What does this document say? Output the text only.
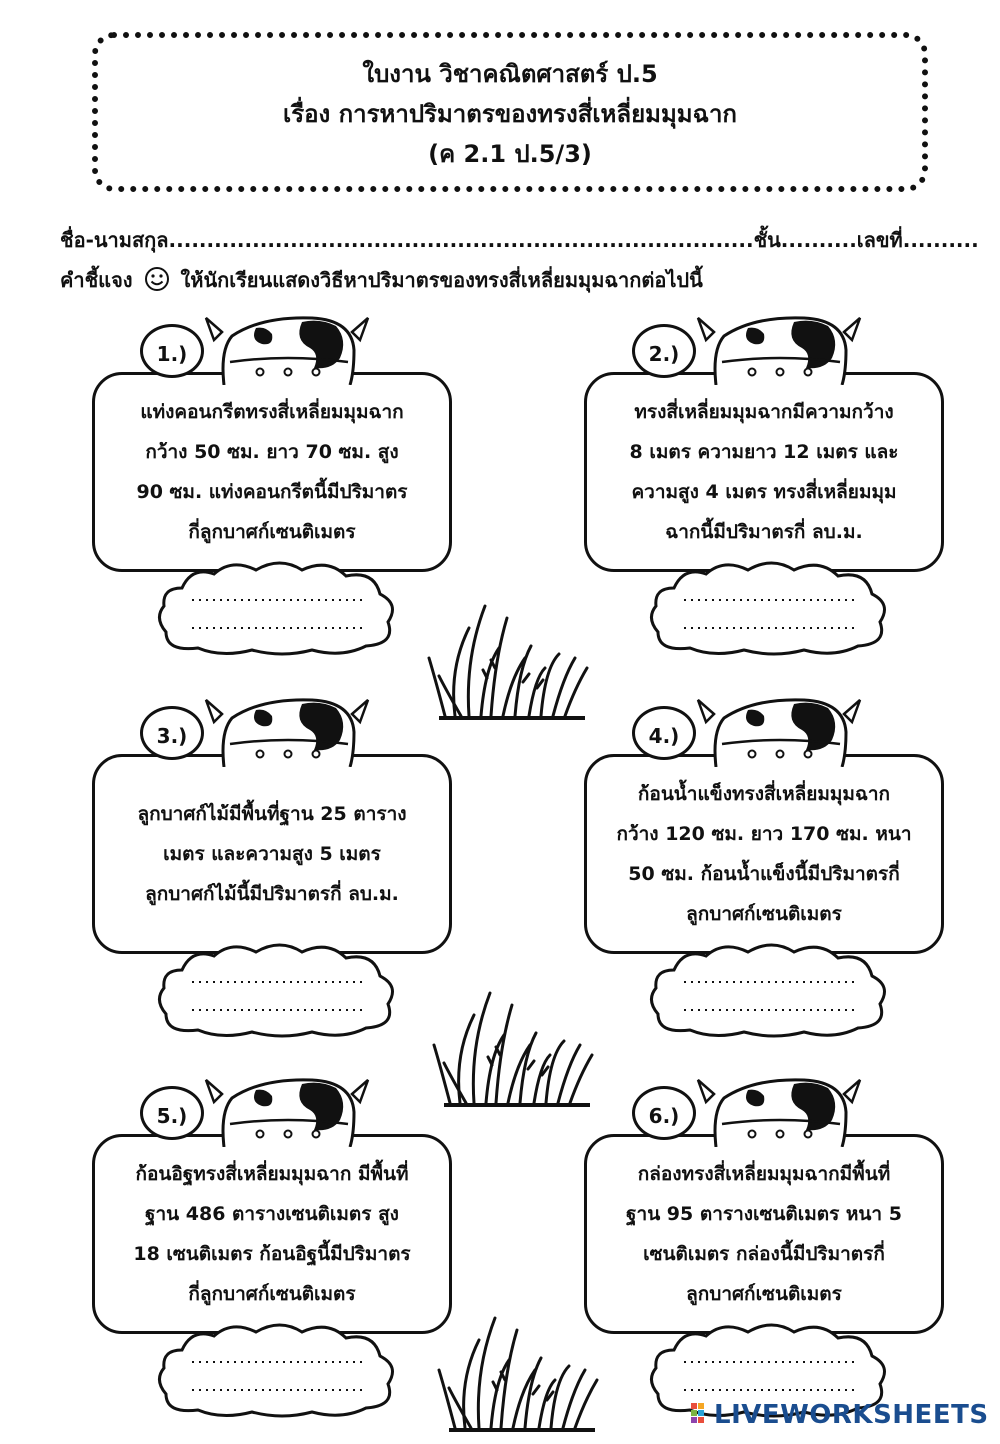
ใบงาน วิชาคณิตศาสตร์ ป.5
เรื่อง การหาปริมาตรของทรงสี่เหลี่ยมมุมฉาก
(ค 2.1 ป.5/3)
ชื่อ-นามสกุล.............................................................................ชั้น..........เลขที่..........
คำชี้แจง ให้นักเรียนแสดงวิธีหาปริมาตรของทรงสี่เหลี่ยมมุมฉากต่อไปนี้
แท่งคอนกรีตทรงสี่เหลี่ยมมุมฉาก
กว้าง 50 ซม. ยาว 70 ซม. สูง
90 ซม. แท่งคอนกรีตนี้มีปริมาตร
กี่ลูกบาศก์เซนติเมตร
1.)
ทรงสี่เหลี่ยมมุมฉากมีความกว้าง
8 เมตร ความยาว 12 เมตร และ
ความสูง 4 เมตร ทรงสี่เหลี่ยมมุม
ฉากนี้มีปริมาตรกี่ ลบ.ม.
2.)
ลูกบาศก์ไม้มีพื้นที่ฐาน 25 ตาราง
เมตร และความสูง 5 เมตร
ลูกบาศก์ไม้นี้มีปริมาตรกี่ ลบ.ม.
3.)
ก้อนน้ำแข็งทรงสี่เหลี่ยมมุมฉาก
กว้าง 120 ซม. ยาว 170 ซม. หนา
50 ซม. ก้อนน้ำแข็งนี้มีปริมาตรกี่
ลูกบาศก์เซนติเมตร
4.)
ก้อนอิฐทรงสี่เหลี่ยมมุมฉาก มีพื้นที่
ฐาน 486 ตารางเซนติเมตร สูง
18 เซนติเมตร ก้อนอิฐนี้มีปริมาตร
กี่ลูกบาศก์เซนติเมตร
5.)
กล่องทรงสี่เหลี่ยมมุมฉากมีพื้นที่
ฐาน 95 ตารางเซนติเมตร หนา 5
เซนติเมตร กล่องนี้มีปริมาตรกี่
ลูกบาศก์เซนติเมตร
6.)
LIVEWORKSHEETS
